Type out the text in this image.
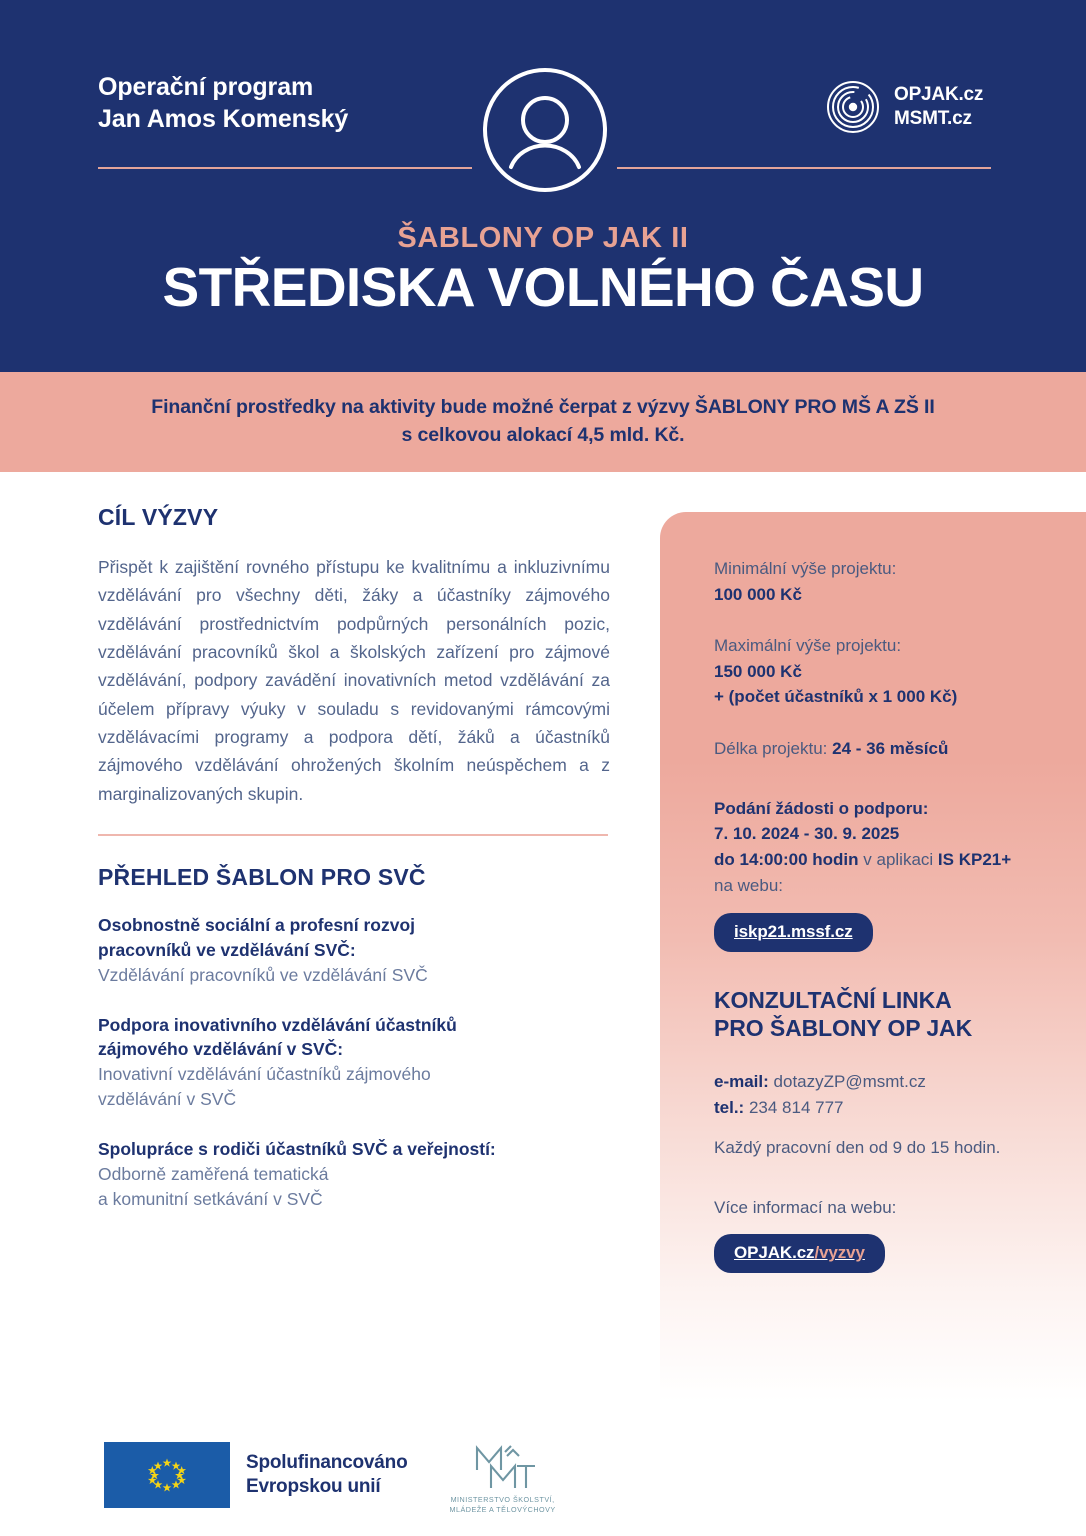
Operační program
Jan Amos Komenský
OPJAK.cz
MSMT.cz
ŠABLONY OP JAK II
STŘEDISKA VOLNÉHO ČASU
Finanční prostředky na aktivity bude možné čerpat z výzvy ŠABLONY PRO MŠ A ZŠ II
s celkovou alokací 4,5 mld. Kč.
Minimální výše projektu:
100 000 Kč
Maximální výše projektu:
150 000 Kč
+ (počet účastníků x 1 000 Kč)
Délka projektu: 24 - 36 měsíců
Podání žádosti o podporu:
7. 10. 2024 - 30. 9. 2025
do 14:00:00 hodin v aplikaci IS KP21+
na webu:
iskp21.mssf.cz
KONZULTAČNÍ LINKA
PRO ŠABLONY OP JAK
e-mail: dotazyZP@msmt.cz
tel.: 234 814 777
Každý pracovní den od 9 do 15 hodin.
Více informací na webu:
OPJAK.cz/vyzvy
CÍL VÝZVY
Přispět k zajištění rovného přístupu ke kvalitnímu a inkluzivnímu vzdělávání pro všechny děti, žáky a účastníky zájmového vzdělávání prostřednictvím podpůrných personálních pozic, vzdělávání pracovníků škol a školských zařízení pro zájmové vzdělávání, podpory zavádění inovativních metod vzdělávání za účelem přípravy výuky v souladu s revidovanými rámcovými vzdělávacími programy a podpora dětí, žáků a účastníků zájmového vzdělávání ohrožených školním neúspěchem a z marginalizovaných skupin.
PŘEHLED ŠABLON PRO SVČ
Osobnostně sociální a profesní rozvoj
pracovníků ve vzdělávání SVČ:
Vzdělávání pracovníků ve vzdělávání SVČ
Podpora inovativního vzdělávání účastníků
zájmového vzdělávání v SVČ:
Inovativní vzdělávání účastníků zájmového
vzdělávání v SVČ
Spolupráce s rodiči účastníků SVČ a veřejností:
Odborně zaměřená tematická
a komunitní setkávání v SVČ
Spolufinancováno
Evropskou unií
MINISTERSTVO ŠKOLSTVÍ,
MLÁDEŽE A TĚLOVÝCHOVY
